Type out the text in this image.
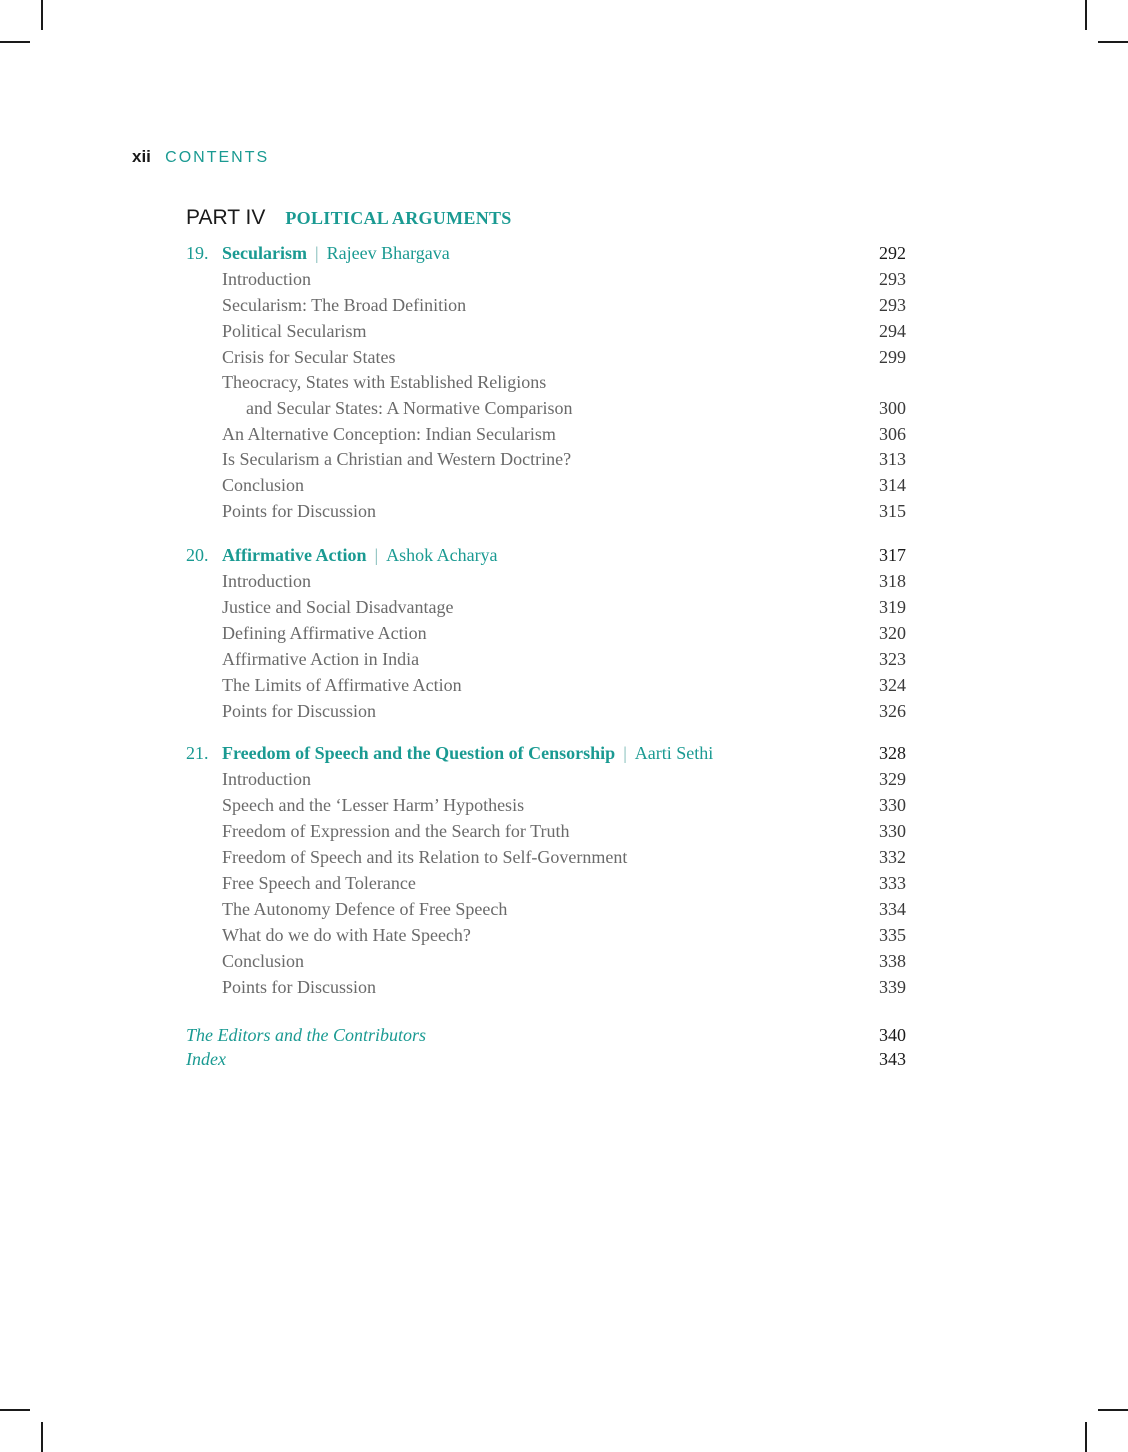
xii CONTENTS
PART IV POLITICAL ARGUMENTS
19. Secularism | Rajeev Bhargava	292
Introduction	293
Secularism: The Broad Definition	293
Political Secularism	294
Crisis for Secular States	299
Theocracy, States with Established Religions
and Secular States: A Normative Comparison	300
An Alternative Conception: Indian Secularism	306
Is Secularism a Christian and Western Doctrine?	313
Conclusion	314
Points for Discussion	315
20. Affirmative Action | Ashok Acharya	317
Introduction	318
Justice and Social Disadvantage	319
Defining Affirmative Action	320
Affirmative Action in India	323
The Limits of Affirmative Action	324
Points for Discussion	326
21. Freedom of Speech and the Question of Censorship | Aarti Sethi	328
Introduction	329
Speech and the ‘Lesser Harm’ Hypothesis	330
Freedom of Expression and the Search for Truth	330
Freedom of Speech and its Relation to Self-Government	332
Free Speech and Tolerance	333
The Autonomy Defence of Free Speech	334
What do we do with Hate Speech?	335
Conclusion	338
Points for Discussion	339
The Editors and the Contributors	340
Index	343
